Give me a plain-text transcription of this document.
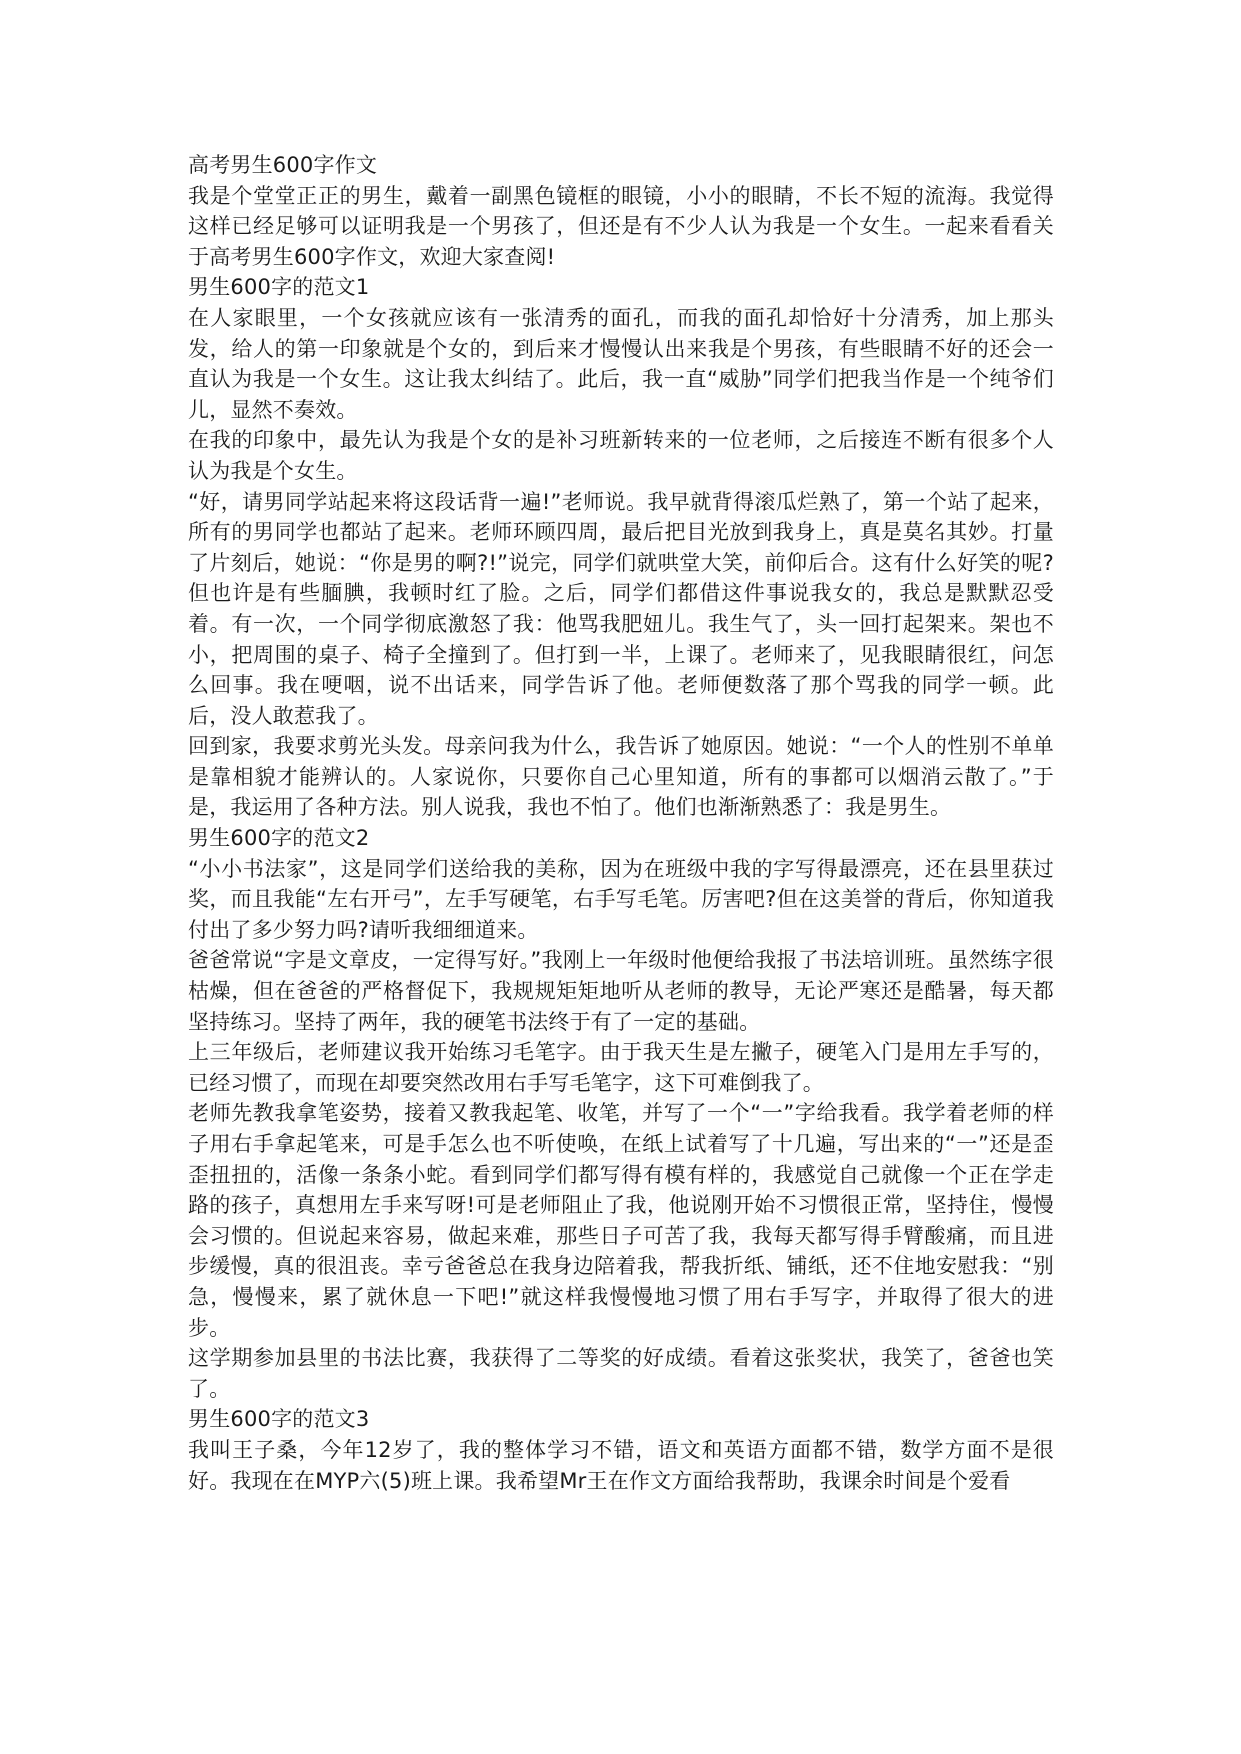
高考男生600字作文

我是个堂堂正正的男生，戴着一副黑色镜框的眼镜，小小的眼睛，不长不短的流海。我觉得这样已经足够可以证明我是一个男孩了，但还是有不少人认为我是一个女生。一起来看看关于高考男生600字作文，欢迎大家查阅!

男生600字的范文1

在人家眼里，一个女孩就应该有一张清秀的面孔，而我的面孔却恰好十分清秀，加上那头发，给人的第一印象就是个女的，到后来才慢慢认出来我是个男孩，有些眼睛不好的还会一直认为我是一个女生。这让我太纠结了。此后，我一直“威胁”同学们把我当作是一个纯爷们儿，显然不奏效。

在我的印象中，最先认为我是个女的是补习班新转来的一位老师，之后接连不断有很多个人认为我是个女生。

“好，请男同学站起来将这段话背一遍!”老师说。我早就背得滚瓜烂熟了，第一个站了起来，所有的男同学也都站了起来。老师环顾四周，最后把目光放到我身上，真是莫名其妙。打量了片刻后，她说：“你是男的啊?!”说完，同学们就哄堂大笑，前仰后合。这有什么好笑的呢?但也许是有些腼腆，我顿时红了脸。之后，同学们都借这件事说我女的，我总是默默忍受着。有一次，一个同学彻底激怒了我：他骂我肥妞儿。我生气了，头一回打起架来。架也不小，把周围的桌子、椅子全撞到了。但打到一半，上课了。老师来了，见我眼睛很红，问怎么回事。我在哽咽，说不出话来，同学告诉了他。老师便数落了那个骂我的同学一顿。此后，没人敢惹我了。

回到家，我要求剪光头发。母亲问我为什么，我告诉了她原因。她说：“一个人的性别不单单是靠相貌才能辨认的。人家说你，只要你自己心里知道，所有的事都可以烟消云散了。”于是，我运用了各种方法。别人说我，我也不怕了。他们也渐渐熟悉了：我是男生。

男生600字的范文2

“小小书法家”，这是同学们送给我的美称，因为在班级中我的字写得最漂亮，还在县里获过奖，而且我能“左右开弓”，左手写硬笔，右手写毛笔。厉害吧?但在这美誉的背后，你知道我付出了多少努力吗?请听我细细道来。

爸爸常说“字是文章皮，一定得写好。”我刚上一年级时他便给我报了书法培训班。虽然练字很枯燥，但在爸爸的严格督促下，我规规矩矩地听从老师的教导，无论严寒还是酷暑，每天都坚持练习。坚持了两年，我的硬笔书法终于有了一定的基础。

上三年级后，老师建议我开始练习毛笔字。由于我天生是左撇子，硬笔入门是用左手写的，已经习惯了，而现在却要突然改用右手写毛笔字，这下可难倒我了。

老师先教我拿笔姿势，接着又教我起笔、收笔，并写了一个“一”字给我看。我学着老师的样子用右手拿起笔来，可是手怎么也不听使唤，在纸上试着写了十几遍，写出来的“一”还是歪歪扭扭的，活像一条条小蛇。看到同学们都写得有模有样的，我感觉自己就像一个正在学走路的孩子，真想用左手来写呀!可是老师阻止了我，他说刚开始不习惯很正常，坚持住，慢慢会习惯的。但说起来容易，做起来难，那些日子可苦了我，我每天都写得手臂酸痛，而且进步缓慢，真的很沮丧。幸亏爸爸总在我身边陪着我，帮我折纸、铺纸，还不住地安慰我：“别急，慢慢来，累了就休息一下吧!”就这样我慢慢地习惯了用右手写字，并取得了很大的进步。

这学期参加县里的书法比赛，我获得了二等奖的好成绩。看着这张奖状，我笑了，爸爸也笑了。

男生600字的范文3

我叫王子桑，今年12岁了，我的整体学习不错，语文和英语方面都不错，数学方面不是很好。我现在在MYP六(5)班上课。我希望Mr王在作文方面给我帮助，我课余时间是个爱看
